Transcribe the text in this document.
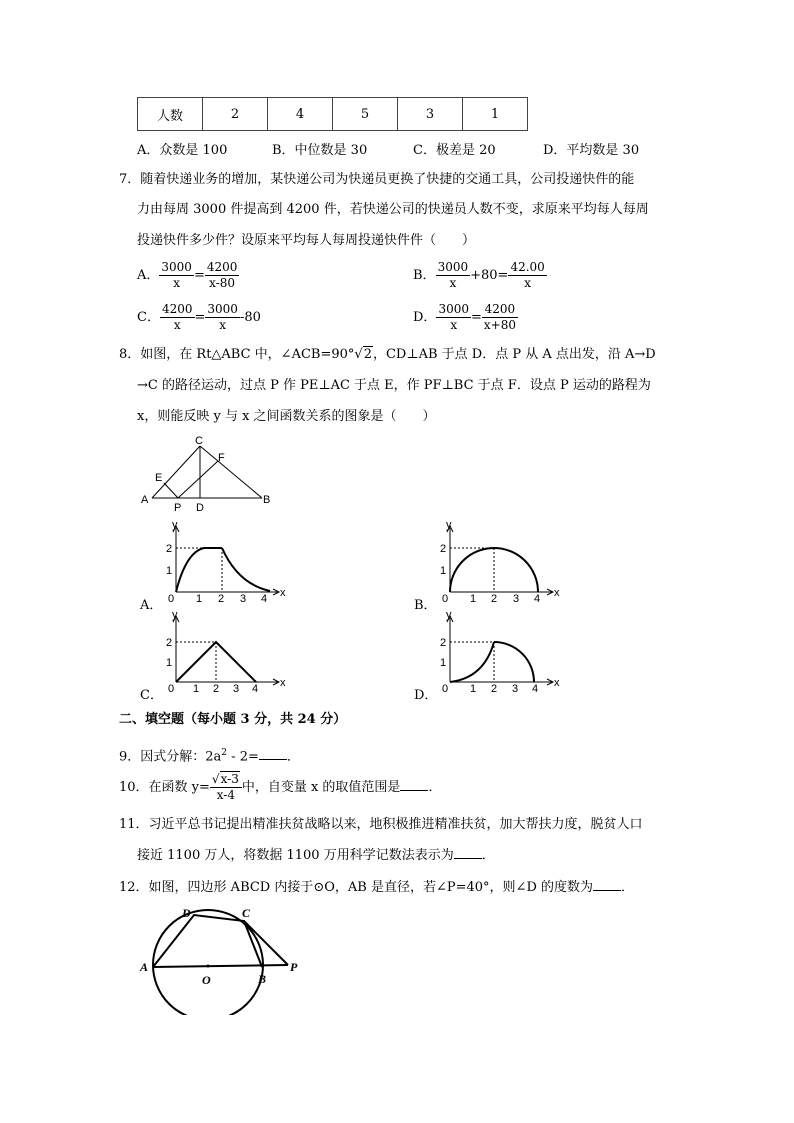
人数	2	4	5	3	1
A．众数是 100	B．中位数是 30	C．极差是 20	D．平均数是 30
7．随着快递业务的增加，某快递公司为快递员更换了快捷的交通工具，公司投递快件的能
力由每周 3000 件提高到 4200 件，若快递公司的快递员人数不变，求原来平均每人每周
投递快件多少件？设原来平均每人每周投递快件件（　　）
A． $\frac{3000}{x} = \frac{4200}{x-80}$	B． $\frac{3000}{x} +80= \frac{42.00}{x}$
C． $\frac{4200}{x} = \frac{3000}{x} -80$	D． $\frac{3000}{x} = \frac{4200}{x+80}$
8．如图，在 Rt△ABC 中，∠ACB=90°√2，CD⊥AB 于点 D．点 P 从 A 点出发，沿 A→D
→C 的路径运动，过点 P 作 PE⊥AC 于点 E，作 PF⊥BC 于点 F．设点 P 运动的路程为
x，则能反映 y 与 x 之间函数关系的图象是（　　）
A
C
B
E
F
P D
A．
y
x
0 1 2 3 4
1
2
B．
y
x
0 1 2 3 4
1
2
C．
y
x
0 1 2 3 4
1
2
D．
y
x
0 1 2 3 4
1
2
二、填空题（每小题 3 分，共 24 分）
9．因式分解：$2a^2 - 2=$ ．
10．在函数 $y= \frac{√x-3}{x-4}$ 中，自变量 x 的取值范围是 ．
11．习近平总书记提出精准扶贫战略以来，地积极推进精准扶贫，加大帮扶力度，脱贫人口
接近 1100 万人，将数据 1100 万用科学记数法表示为 ．
12．如图，四边形 ABCD 内接于⊙O，AB 是直径，若∠P=40°，则∠D 的度数为 ．
A
D	C
O	B
P
